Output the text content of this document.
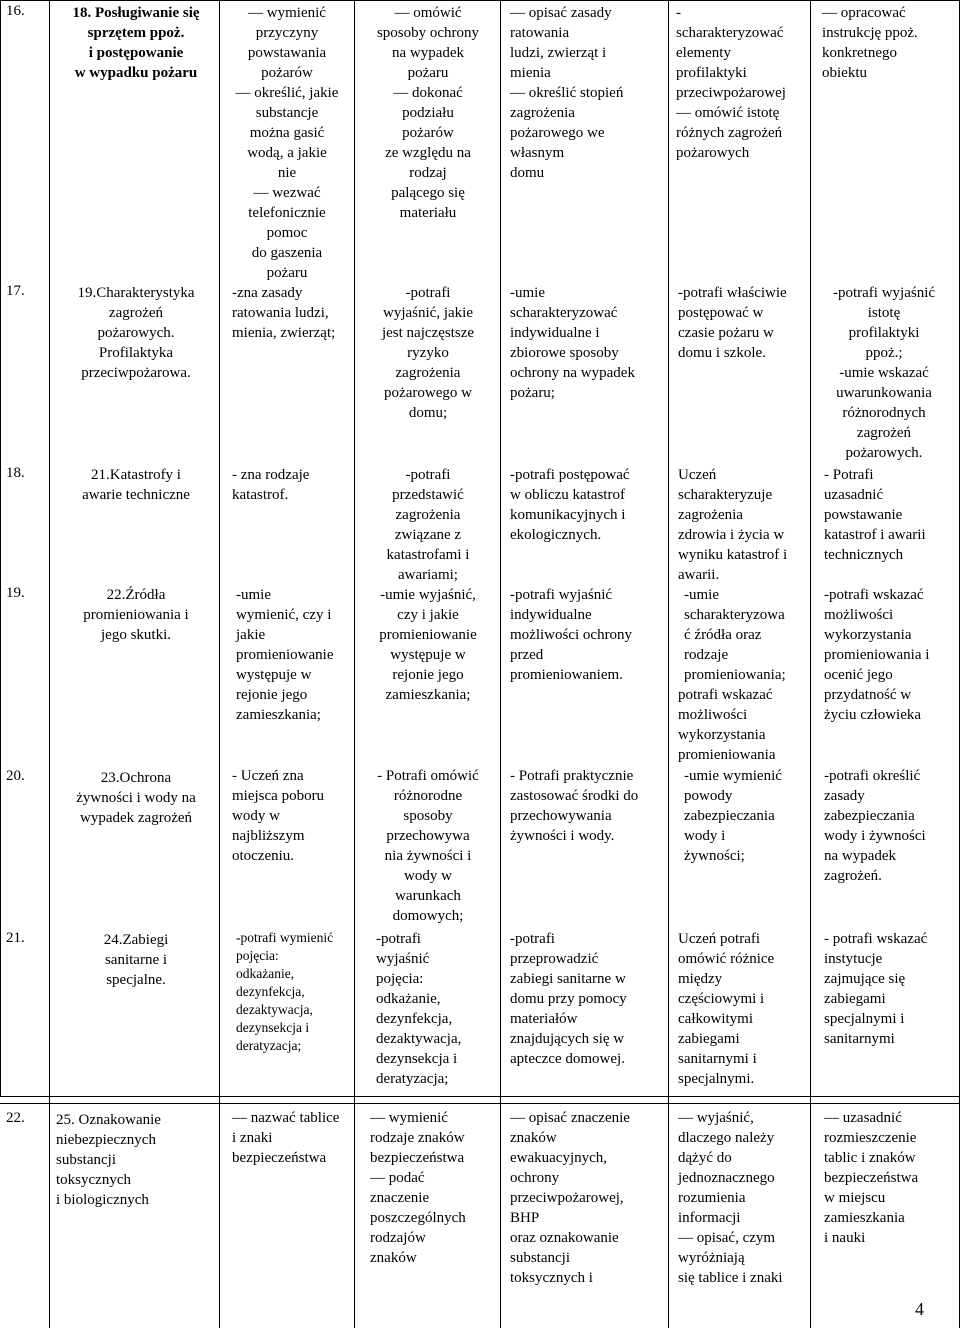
16.
17.
18.
19.
20.
21.
22.
18. Posługiwanie się
sprzętem ppoż.
i postępowanie
w wypadku pożaru
19.Charakterystyka
zagrożeń
pożarowych.
Profilaktyka
przeciwpożarowa.
21.Katastrofy i
awarie techniczne
22.Źródła
promieniowania i
jego skutki.
23.Ochrona
żywności i wody na
wypadek zagrożeń
24.Zabiegi
sanitarne i
specjalne.
25. Oznakowanie
niebezpiecznych
substancji
toksycznych
i biologicznych
— wymienić
przyczyny
powstawania
pożarów
— określić, jakie
substancje
można gasić
wodą, a jakie
nie
— wezwać
telefonicznie
pomoc
do gaszenia
pożaru
-zna zasady
ratowania ludzi,
mienia, zwierząt;
- zna rodzaje
katastrof.
-umie
wymienić, czy i
jakie
promieniowanie
występuje w
rejonie jego
zamieszkania;
- Uczeń zna
miejsca poboru
wody w
najbliższym
otoczeniu.
-potrafi wymienić
pojęcia:
odkażanie,
dezynfekcja,
dezaktywacja,
dezynsekcja i
deratyzacja;
— nazwać tablice
i znaki
bezpieczeństwa
— omówić
sposoby ochrony
na wypadek
pożaru
— dokonać
podziału
pożarów
ze względu na
rodzaj
palącego się
materiału
-potrafi
wyjaśnić, jakie
jest najczęstsze
ryzyko
zagrożenia
pożarowego w
domu;
-potrafi
przedstawić
zagrożenia
związane z
katastrofami i
awariami;
-umie wyjaśnić,
czy i jakie
promieniowanie
występuje w
rejonie jego
zamieszkania;
- Potrafi omówić
różnorodne
sposoby
przechowywa
nia żywności i
wody w
warunkach
domowych;
-potrafi
wyjaśnić
pojęcia:
odkażanie,
dezynfekcja,
dezaktywacja,
dezynsekcja i
deratyzacja;
— wymienić
rodzaje znaków
bezpieczeństwa
— podać
znaczenie
poszczególnych
rodzajów
znaków
— opisać zasady
ratowania
ludzi, zwierząt i
mienia
— określić stopień
zagrożenia
pożarowego we
własnym
domu
-umie
scharakteryzować
indywidualne i
zbiorowe sposoby
ochrony na wypadek
pożaru;
-potrafi postępować
w obliczu katastrof
komunikacyjnych i
ekologicznych.
-potrafi wyjaśnić
indywidualne
możliwości ochrony
przed
promieniowaniem.
- Potrafi praktycznie
zastosować środki do
przechowywania
żywności i wody.
-potrafi
przeprowadzić
zabiegi sanitarne w
domu przy pomocy
materiałów
znajdujących się w
apteczce domowej.
— opisać znaczenie
znaków
ewakuacyjnych,
ochrony
przeciwpożarowej,
BHP
oraz oznakowanie
substancji
toksycznych i
-
scharakteryzować
elementy
profilaktyki
przeciwpożarowej
— omówić istotę
różnych zagrożeń
pożarowych
-potrafi właściwie
postępować w
czasie pożaru w
domu i szkole.
Uczeń
scharakteryzuje
zagrożenia
zdrowia i życia w
wyniku katastrof i
awarii.
-umie
scharakteryzowa
ć źródła oraz
rodzaje
promieniowania;
potrafi wskazać
możliwości
wykorzystania
promieniowania
-umie wymienić
powody
zabezpieczania
wody i
żywności;
Uczeń potrafi
omówić różnice
między
częściowymi i
całkowitymi
zabiegami
sanitarnymi i
specjalnymi.
— wyjaśnić,
dlaczego należy
dążyć do
jednoznacznego
rozumienia
informacji
— opisać, czym
wyróżniają
się tablice i znaki
— opracować
instrukcję ppoż.
konkretnego
obiektu
-potrafi wyjaśnić
istotę
profilaktyki
ppoż.;
-umie wskazać
uwarunkowania
różnorodnych
zagrożeń
pożarowych.
- Potrafi
uzasadnić
powstawanie
katastrof i awarii
technicznych
-potrafi wskazać
możliwości
wykorzystania
promieniowania i
ocenić jego
przydatność w
życiu człowieka
-potrafi określić
zasady
zabezpieczania
wody i żywności
na wypadek
zagrożeń.
- potrafi wskazać
instytucje
zajmujące się
zabiegami
specjalnymi i
sanitarnymi
— uzasadnić
rozmieszczenie
tablic i znaków
bezpieczeństwa
w miejscu
zamieszkania
i nauki
4
